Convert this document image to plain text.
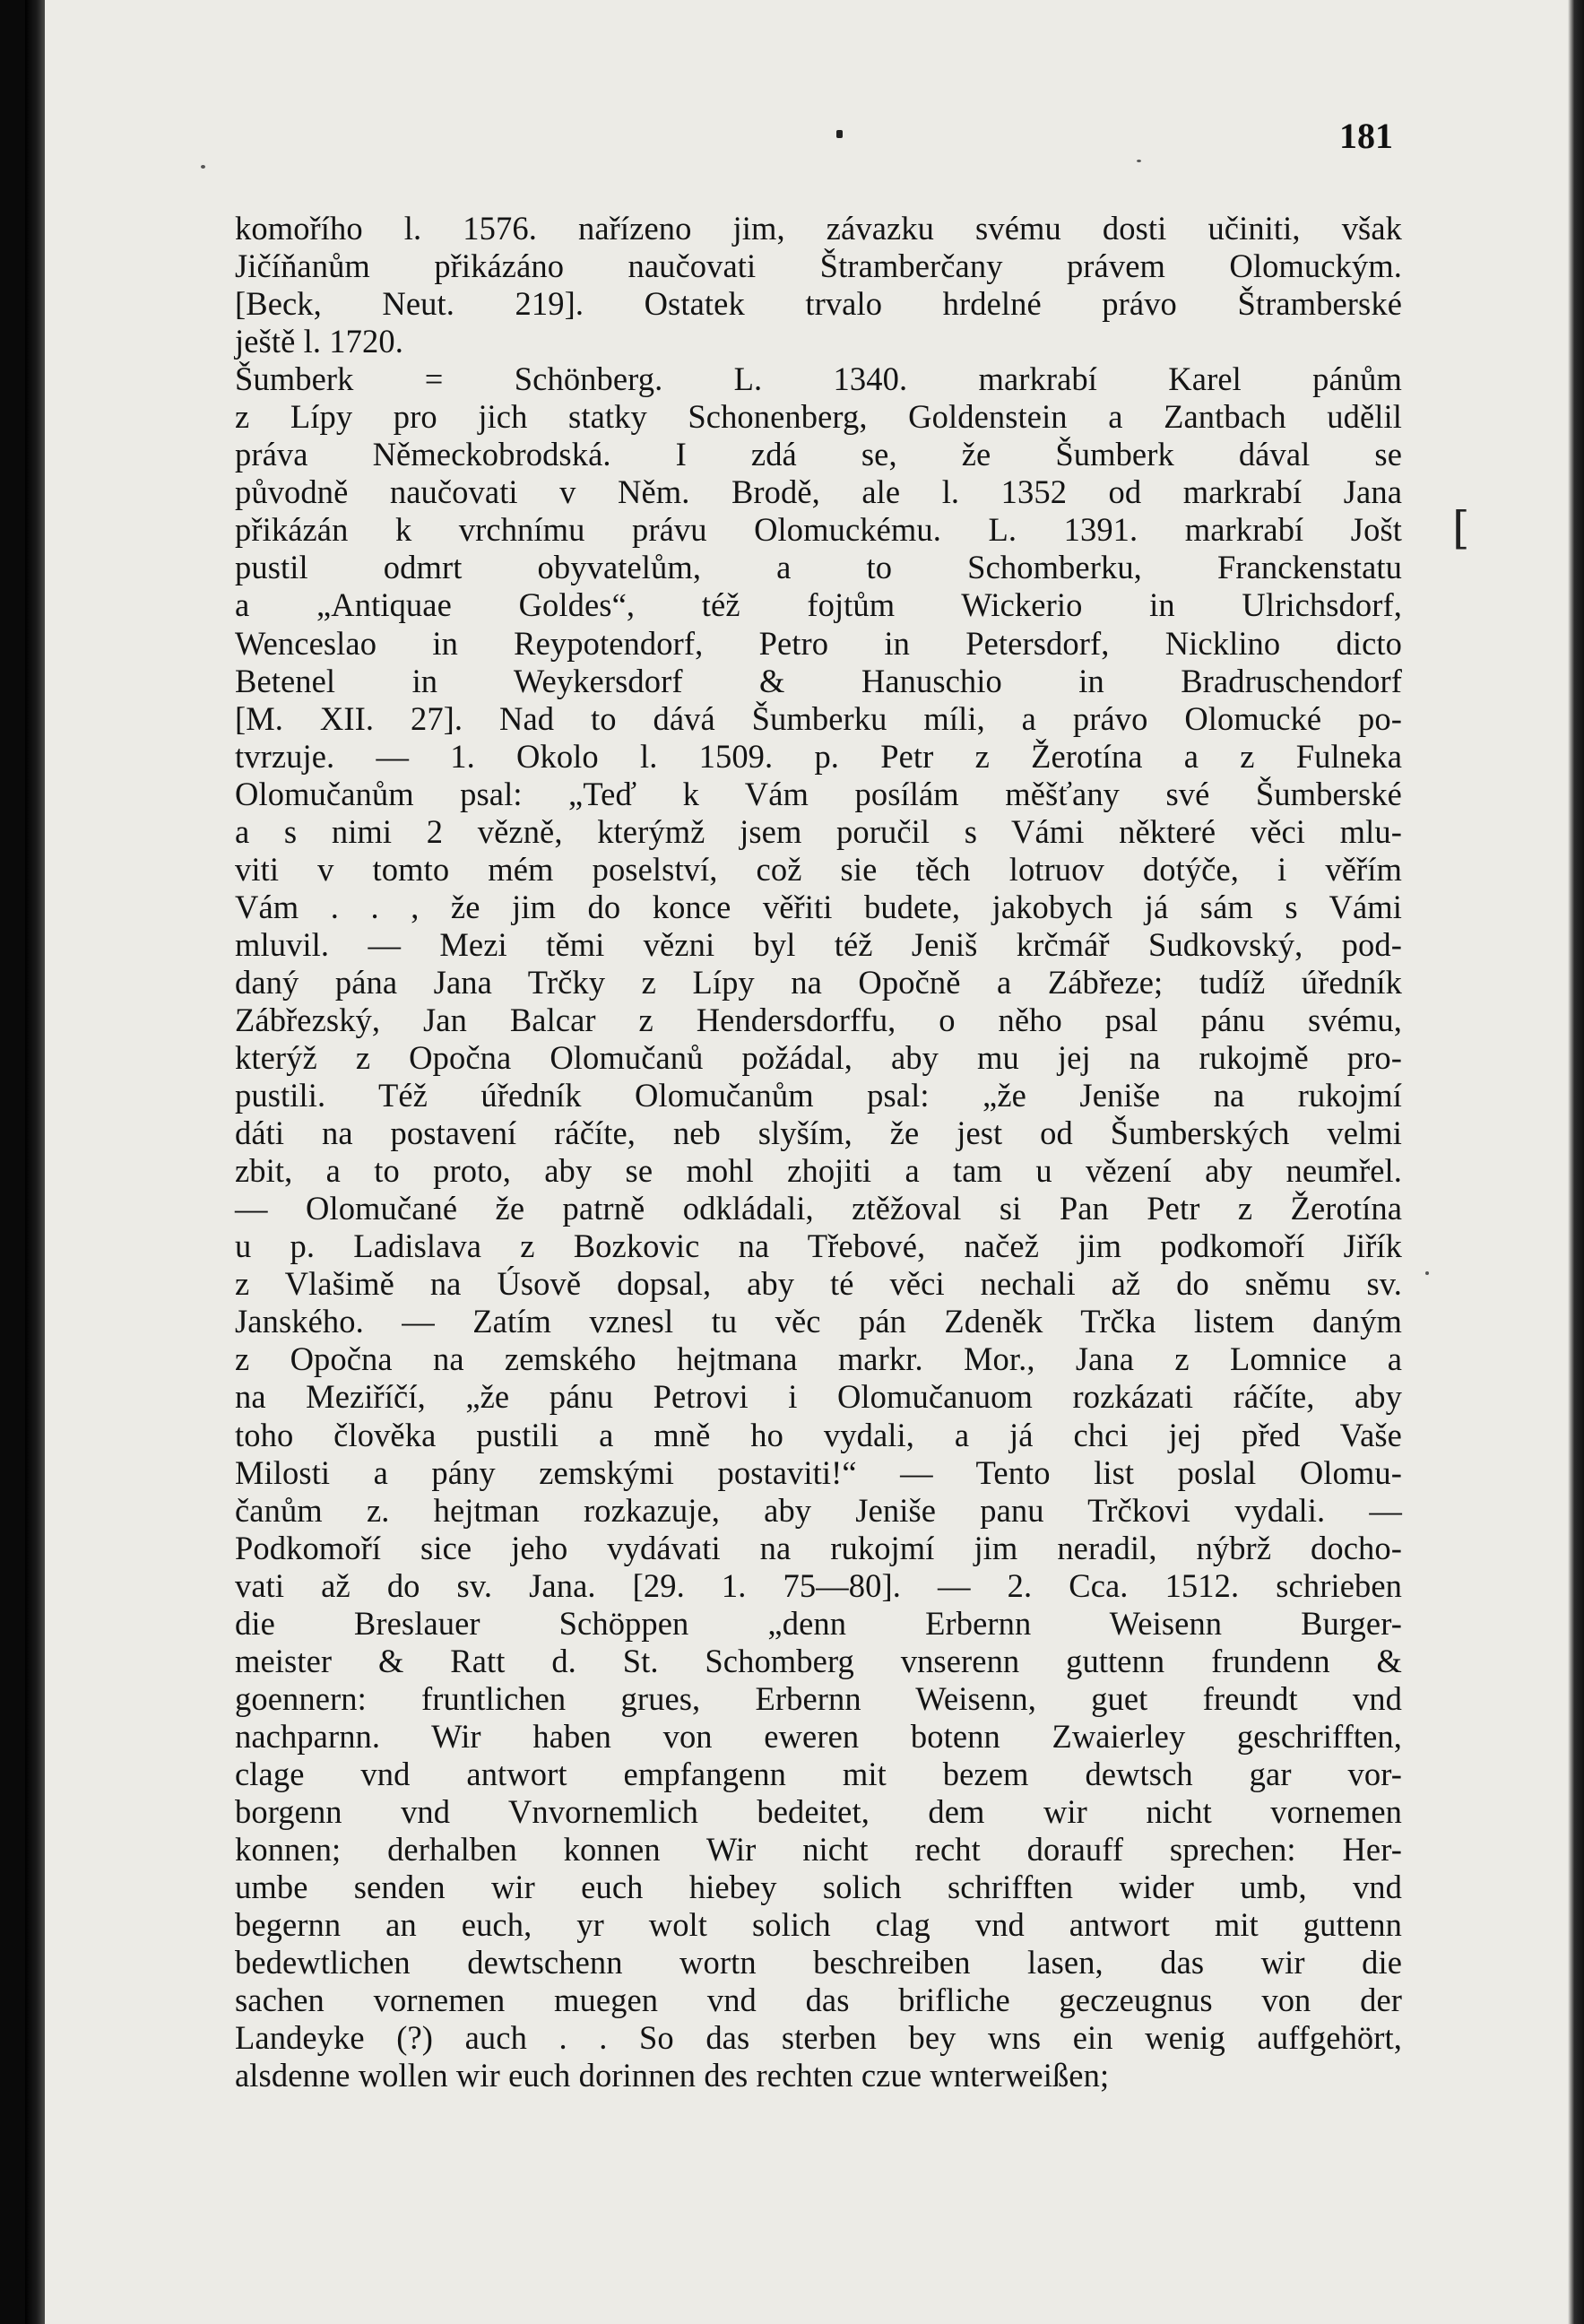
181
[
komořího l. 1576. nařízeno jim, závazku svému dosti učiniti, však
Jičíňanům přikázáno naučovati Štramberčany právem Olomuckým.
[Beck, Neut. 219]. Ostatek trvalo hrdelné právo Štramberské
ještě l. 1720.
Šumberk = Schönberg. L. 1340. markrabí Karel pánům
z Lípy pro jich statky Schonenberg, Goldenstein a Zantbach udělil
práva Německobrodská. I zdá se, že Šumberk dával se
původně naučovati v Něm. Brodě, ale l. 1352 od markrabí Jana
přikázán k vrchnímu právu Olomuckému. L. 1391. markrabí Jošt
pustil odmrt obyvatelům, a to Schomberku, Franckenstatu
a „Antiquae Goldes“, též fojtům Wickerio in Ulrichsdorf,
Wenceslao in Reypotendorf, Petro in Petersdorf, Nicklino dicto
Betenel in Weykersdorf & Hanuschio in Bradruschendorf
[M. XII. 27]. Nad to dává Šumberku míli, a právo Olomucké po-
tvrzuje. — 1. Okolo l. 1509. p. Petr z Žerotína a z Fulneka
Olomučanům psal: „Teď k Vám posílám měšťany své Šumberské
a s nimi 2 vězně, kterýmž jsem poručil s Vámi některé věci mlu-
viti v tomto mém poselství, což sie těch lotruov dotýče, i věřím
Vám . . , že jim do konce věřiti budete, jakobych já sám s Vámi
mluvil. — Mezi těmi vězni byl též Jeniš krčmář Sudkovský, pod-
daný pána Jana Trčky z Lípy na Opočně a Zábřeze; tudíž úředník
Zábřezský, Jan Balcar z Hendersdorffu, o něho psal pánu svému,
kterýž z Opočna Olomučanů požádal, aby mu jej na rukojmě pro-
pustili. Též úředník Olomučanům psal: „že Jeniše na rukojmí
dáti na postavení ráčíte, neb slyším, že jest od Šumberských velmi
zbit, a to proto, aby se mohl zhojiti a tam u vězení aby neumřel.
— Olomučané že patrně odkládali, ztěžoval si Pan Petr z Žerotína
u p. Ladislava z Bozkovic na Třebové, načež jim podkomoří Jiřík
z Vlašimě na Úsově dopsal, aby té věci nechali až do sněmu sv.
Janského. — Zatím vznesl tu věc pán Zdeněk Trčka listem daným
z Opočna na zemského hejtmana markr. Mor., Jana z Lomnice a
na Meziříčí, „že pánu Petrovi i Olomučanuom rozkázati ráčíte, aby
toho člověka pustili a mně ho vydali, a já chci jej před Vaše
Milosti a pány zemskými postaviti!“ — Tento list poslal Olomu-
čanům z. hejtman rozkazuje, aby Jeniše panu Trčkovi vydali. —
Podkomoří sice jeho vydávati na rukojmí jim neradil, nýbrž docho-
vati až do sv. Jana. [29. 1. 75—80]. — 2. Cca. 1512. schrieben
die Breslauer Schöppen „denn Erbernn Weisenn Burger-
meister & Ratt d. St. Schomberg vnserenn guttenn frundenn &
goennern: fruntlichen grues, Erbernn Weisenn, guet freundt vnd
nachparnn. Wir haben von eweren botenn Zwaierley geschrifften,
clage vnd antwort empfangenn mit bezem dewtsch gar vor-
borgenn vnd Vnvornemlich bedeitet, dem wir nicht vornemen
konnen; derhalben konnen Wir nicht recht dorauff sprechen: Her-
umbe senden wir euch hiebey solich schrifften wider umb, vnd
begernn an euch, yr wolt solich clag vnd antwort mit guttenn
bedewtlichen dewtschenn wortn beschreiben lasen, das wir die
sachen vornemen muegen vnd das brifliche geczeugnus von der
Landeyke (?) auch . . So das sterben bey wns ein wenig auffgehört,
alsdenne wollen wir euch dorinnen des rechten czue wnterweißen;
